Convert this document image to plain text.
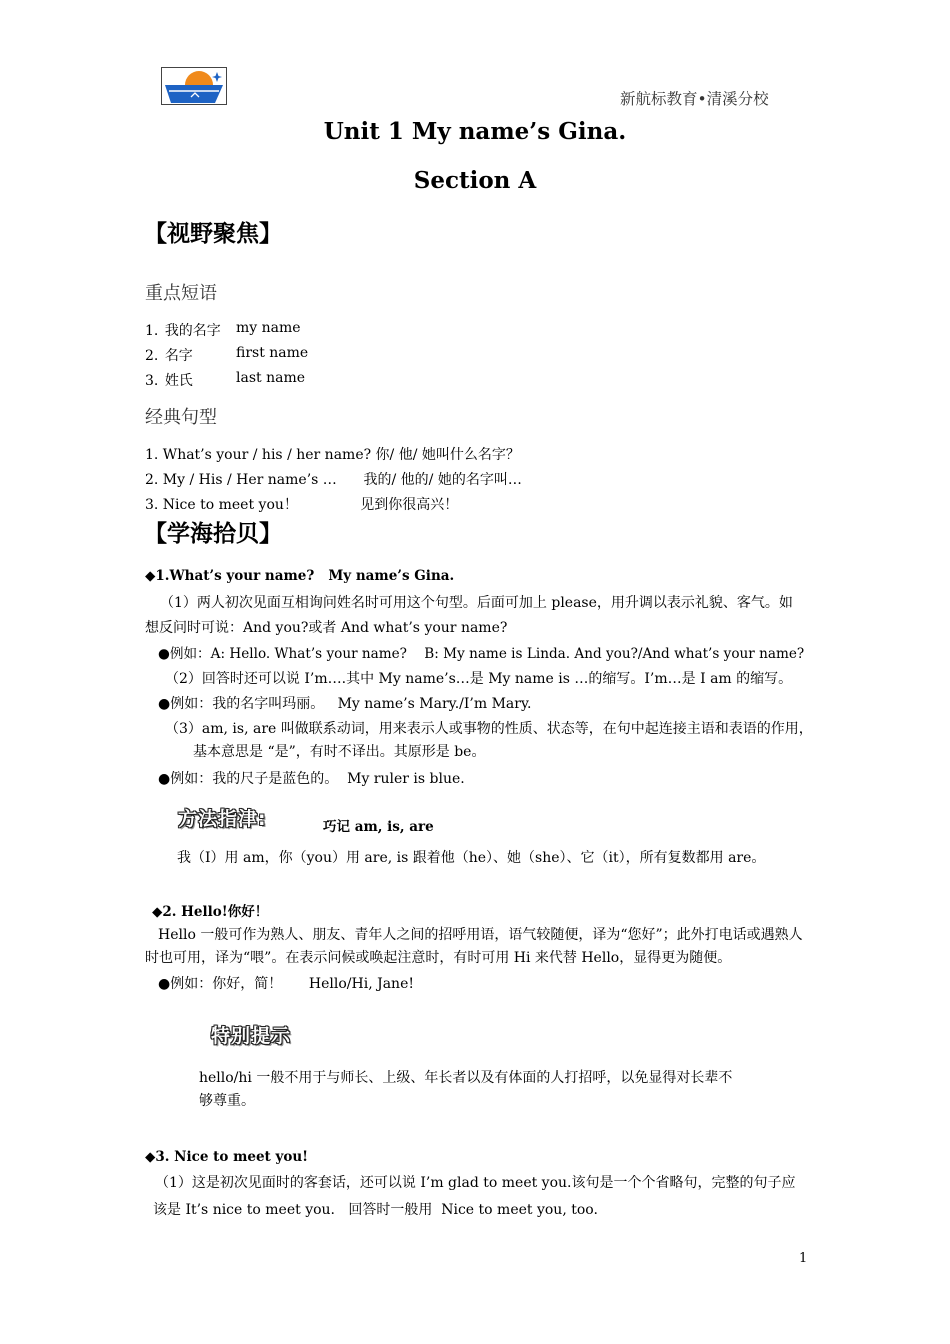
新航标教育•清溪分校
Unit 1 My name’s Gina.
Section A
【视野聚焦】
重点短语
1. 我的名字 my name
2. 名字	first name
3. 姓氏	last name
经典句型
1. What’s your / his / her name? 你/ 他/ 她叫什么名字？
2. My / His / Her name’s …      我的/ 他的/ 她的名字叫…
3. Nice to meet you！              见到你很高兴！
【学海拾贝】
◆1.What’s your name?   My name’s Gina.
（1）两人初次见面互相询问姓名时可用这个句型。后面可加上 please，用升调以表示礼貌、客气。如
想反问时可说：And you?或者 And what’s your name?
●例如：A: Hello. What’s your name?    B: My name is Linda. And you?/And what’s your name?
（2）回答时还可以说 I’m….其中 My name’s…是 My name is …的缩写。I’m…是 I am 的缩写。
●例如：我的名字叫玛丽。   My name’s Mary./I’m Mary.
（3）am, is, are 叫做联系动词，用来表示人或事物的性质、状态等，在句中起连接主语和表语的作用，
基本意思是 “是”，有时不译出。其原形是 be。
●例如：我的尺子是蓝色的。  My ruler is blue.
方法指津:	巧记 am, is, are
我（I）用 am，你（you）用 are, is 跟着他（he）、她（she）、它（it），所有复数都用 are。
◆2. Hello!你好！
Hello 一般可作为熟人、朋友、青年人之间的招呼用语，语气较随便，译为“您好”；此外打电话或遇熟人
时也可用，译为“喂”。在表示问候或唤起注意时，有时可用 Hi 来代替 Hello，显得更为随便。
●例如：你好，简！      Hello/Hi, Jane!
特别提示
hello/hi 一般不用于与师长、上级、年长者以及有体面的人打招呼，以免显得对长辈不
够尊重。
◆3. Nice to meet you!
（1）这是初次见面时的客套话，还可以说 I’m glad to meet you.该句是一个个省略句，完整的句子应
该是 It’s nice to meet you.   回答时一般用  Nice to meet you, too.
1
